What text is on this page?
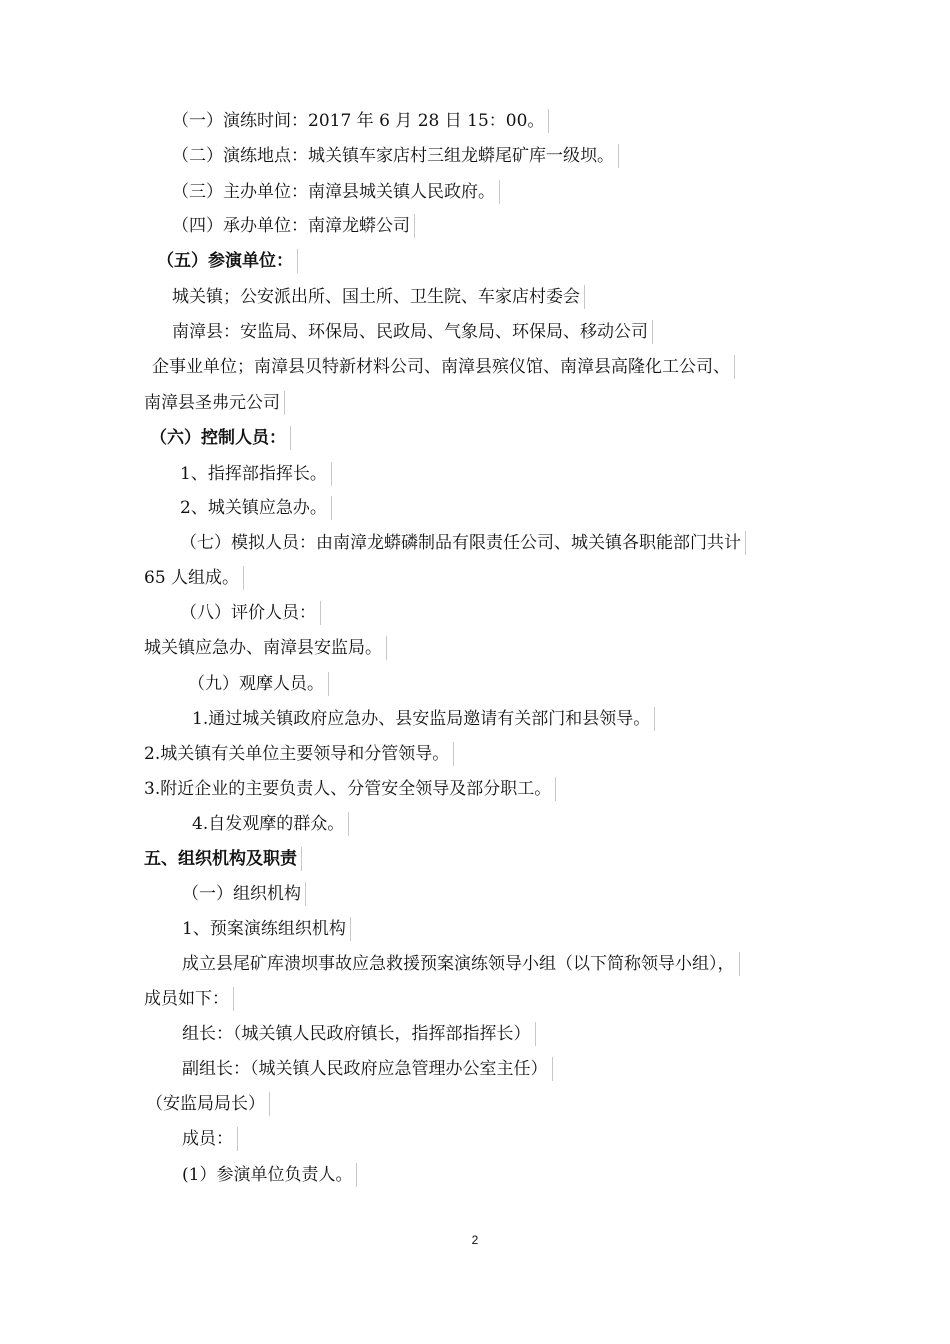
（一）演练时间：2017 年 6 月 28 日 15：00。
（二）演练地点：城关镇车家店村三组龙蟒尾矿库一级坝。
（三）主办单位：南漳县城关镇人民政府。
（四）承办单位：南漳龙蟒公司
（五）参演单位：
城关镇；公安派出所、国土所、卫生院、车家店村委会
南漳县：安监局、环保局、民政局、气象局、环保局、移动公司
企事业单位；南漳县贝特新材料公司、南漳县殡仪馆、南漳县高隆化工公司、
南漳县圣弗元公司
（六）控制人员：
1、指挥部指挥长。
2、城关镇应急办。
（七）模拟人员：由南漳龙蟒磷制品有限责任公司、城关镇各职能部门共计
65 人组成。
（八）评价人员：
城关镇应急办、南漳县安监局。
（九）观摩人员。
1.通过城关镇政府应急办、县安监局邀请有关部门和县领导。
2.城关镇有关单位主要领导和分管领导。
3.附近企业的主要负责人、分管安全领导及部分职工。
4.自发观摩的群众。
五、组织机构及职责
（一）组织机构
1、预案演练组织机构
成立县尾矿库溃坝事故应急救援预案演练领导小组（以下简称领导小组），
成员如下：
组长：（城关镇人民政府镇长，指挥部指挥长）
副组长：（城关镇人民政府应急管理办公室主任）
（安监局局长）
成员：
(1）参演单位负责人。
2
